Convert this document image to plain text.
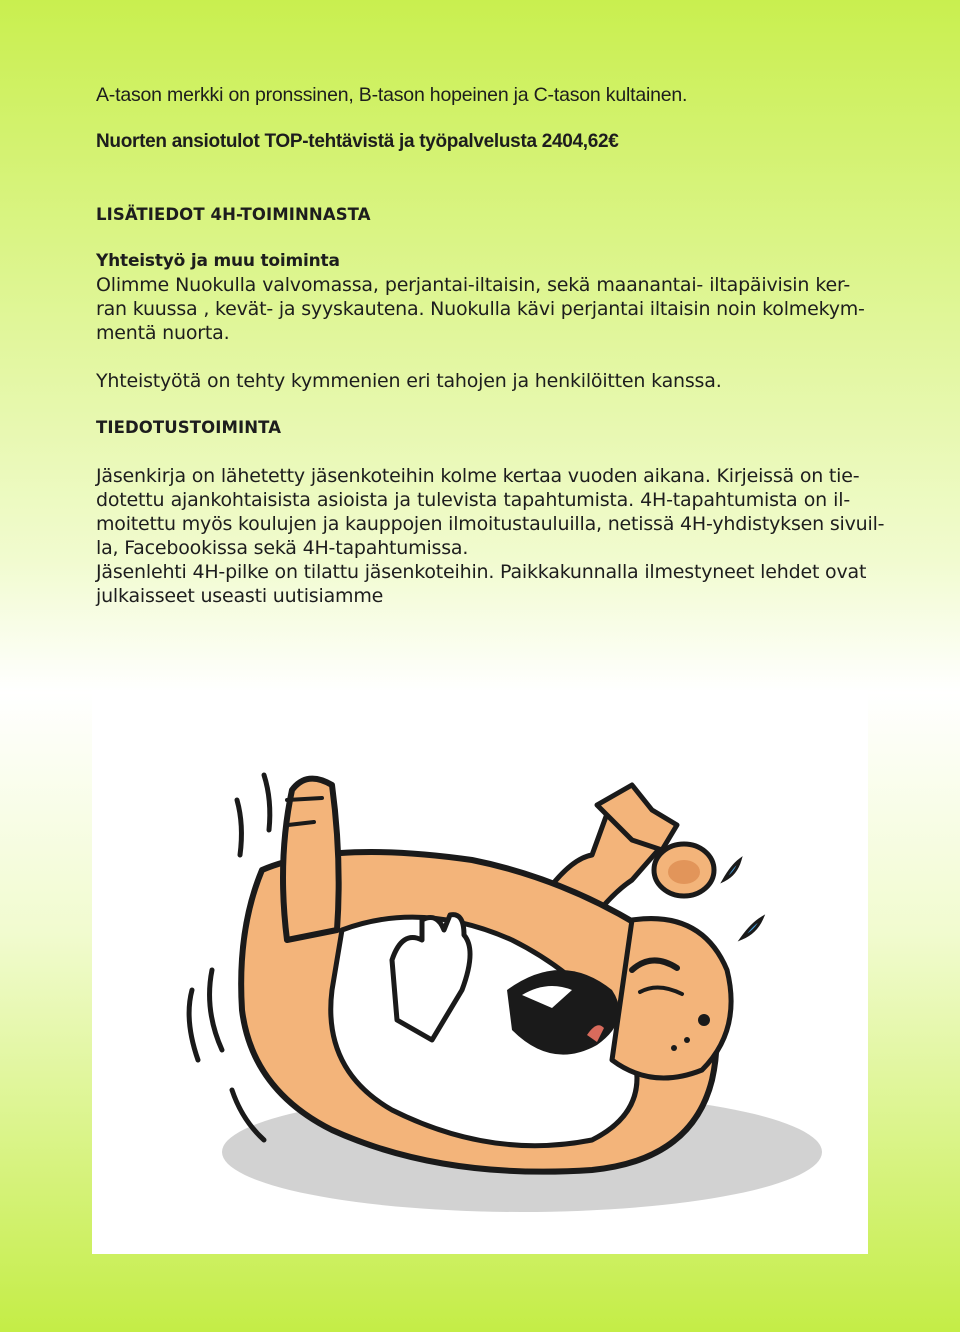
A-tason merkki on pronssinen, B-tason hopeinen ja C-tason kultainen.
Nuorten ansiotulot TOP-tehtävistä ja työpalvelusta 2404,62€
LISÄTIEDOT 4H-TOIMINNASTA
Yhteistyö ja muu toiminta
Olimme Nuokulla valvomassa, perjantai-iltaisin, sekä maanantai- iltapäivisin ker-
ran kuussa , kevät- ja syyskautena. Nuokulla kävi perjantai iltaisin noin kolmekym-
mentä nuorta.
Yhteistyötä on tehty kymmenien eri tahojen ja henkilöitten kanssa.
TIEDOTUSTOIMINTA
Jäsenkirja on lähetetty jäsenkoteihin kolme kertaa vuoden aikana. Kirjeissä on tie-
dotettu ajankohtaisista asioista ja tulevista tapahtumista. 4H-tapahtumista on il-
moitettu myös koulujen ja kauppojen ilmoitustauluilla, netissä 4H-yhdistyksen sivuil-
la, Facebookissa sekä 4H-tapahtumissa.
Jäsenlehti 4H-pilke on tilattu jäsenkoteihin. Paikkakunnalla ilmestyneet lehdet ovat
julkaisseet useasti uutisiamme
